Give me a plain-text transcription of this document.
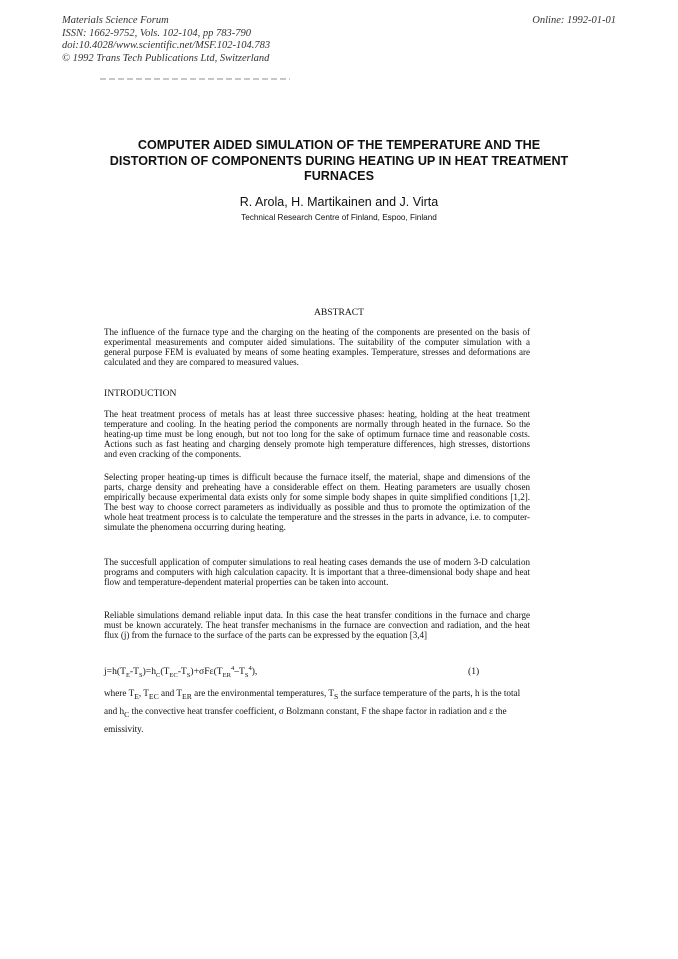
Materials Science Forum
ISSN: 1662-9752, Vols. 102-104, pp 783-790
doi:10.4028/www.scientific.net/MSF.102-104.783
© 1992 Trans Tech Publications Ltd, Switzerland
Online: 1992-01-01
COMPUTER AIDED SIMULATION OF THE TEMPERATURE AND THE DISTORTION OF COMPONENTS DURING HEATING UP IN HEAT TREATMENT FURNACES
R. Arola, H. Martikainen and J. Virta
Technical Research Centre of Finland, Espoo, Finland
ABSTRACT
The influence of the furnace type and the charging on the heating of the components are presented on the basis of experimental measurements and computer aided simulations. The suitability of the computer simulation with a general purpose FEM is evaluated by means of some heating examples. Temperature, stresses and deformations are calculated and they are compared to measured values.
INTRODUCTION
The heat treatment process of metals has at least three successive phases: heating, holding at the heat treatment temperature and cooling. In the heating period the components are normally through heated in the furnace. So the heating-up time must be long enough, but not too long for the sake of optimum furnace time and reasonable costs. Actions such as fast heating and charging densely promote high temperature differences, high stresses, distortions and even cracking of the components.
Selecting proper heating-up times is difficult because the furnace itself, the material, shape and dimensions of the parts, charge density and preheating have a considerable effect on them. Heating parameters are usually chosen empirically because experimental data exists only for some simple body shapes in quite simplified conditions [1,2]. The best way to choose correct parameters as individually as possible and thus to promote the optimization of the whole heat treatment process is to calculate the temperature and the stresses in the parts in advance, i.e. to computer-simulate the phenomena occurring during heating.
The succesfull application of computer simulations to real heating cases demands the use of modern 3-D calculation programs and computers with high calculation capacity. It is important that a three-dimensional body shape and heat flow and temperature-dependent material properties can be taken into account.
Reliable simulations demand reliable input data. In this case the heat transfer conditions in the furnace and charge must be known accurately. The heat transfer mechanisms in the furnace are convection and radiation, and the heat flux (j) from the furnace to the surface of the parts can be expressed by the equation [3,4]
$j=h(T_E-T_S)=h_C(T_{EC}-T_S)+\sigma F\varepsilon(T_{ER}^4-T_S^4)$,	(1)
where $T_E$, $T_{EC}$ and $T_{ER}$ are the environmental temperatures, $T_S$ the surface temperature of the parts, h is the total and $h_C$ the convective heat transfer coefficient, σ Bolzmann constant, F the shape factor in radiation and ε the emissivity.
